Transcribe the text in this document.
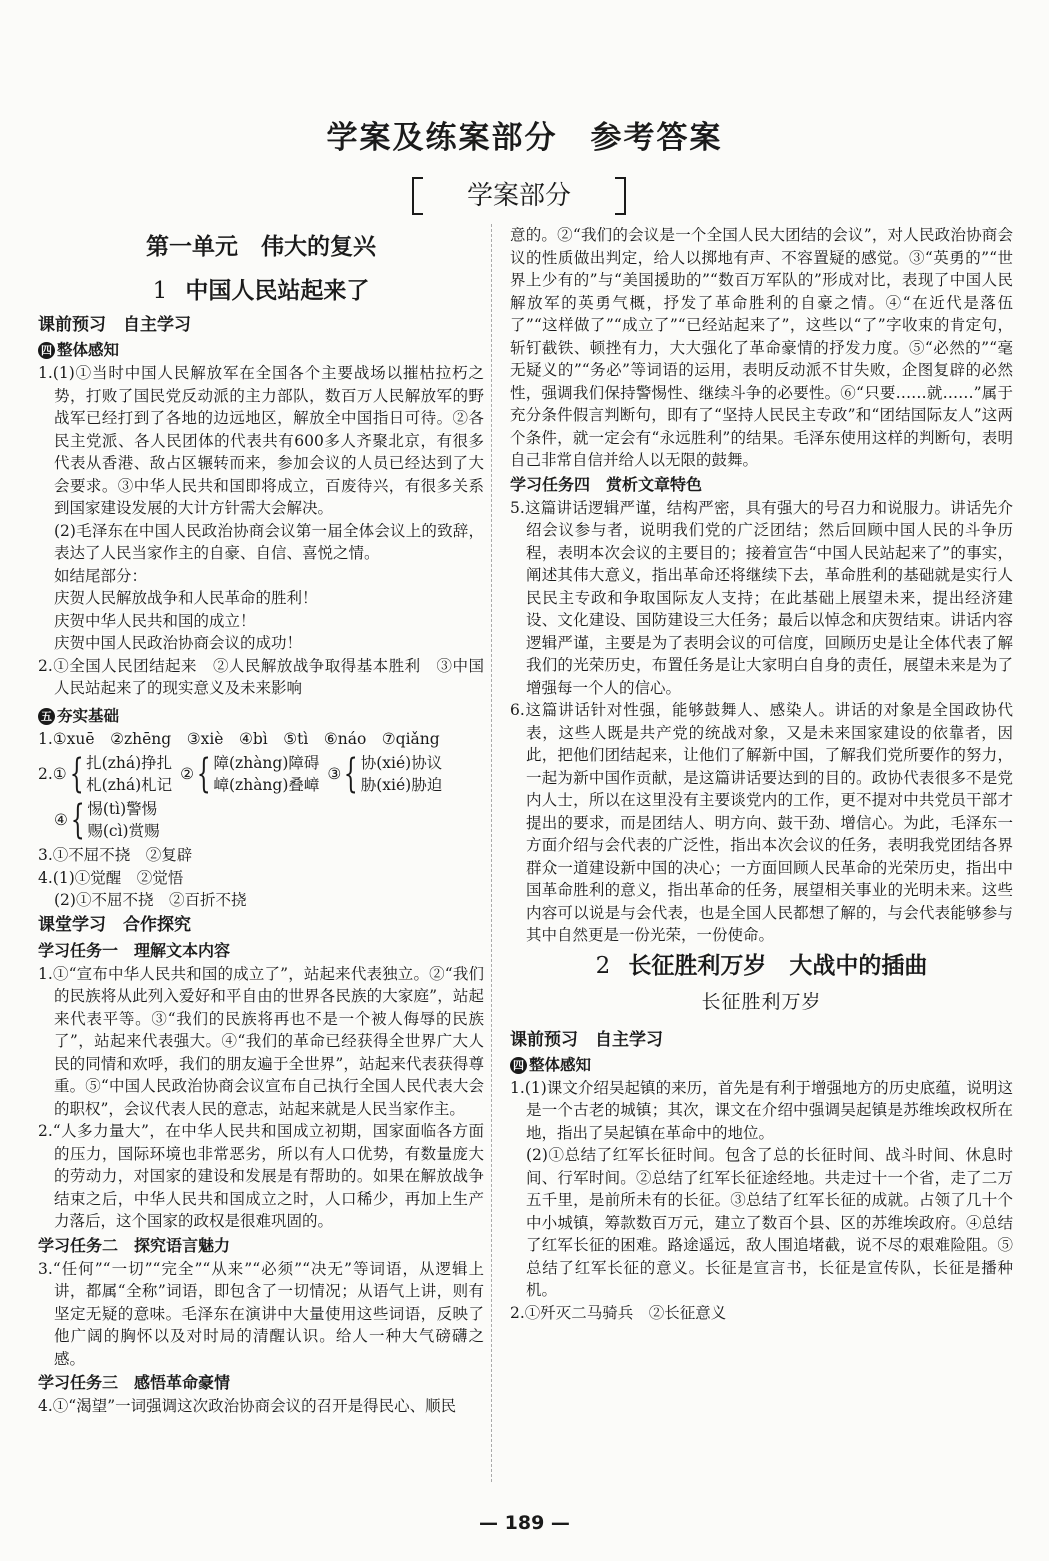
学案及练案部分　参考答案
学案部分
第一单元　伟大的复兴
1 中国人民站起来了
课前预习　自主学习
四 整体感知

1.(1)①当时中国人民解放军在全国各个主要战场以摧枯拉朽之势，打败了国民党反动派的主力部队，数百万人民解放军的野战军已经打到了各地的边远地区，解放全中国指日可待。②各民主党派、各人民团体的代表共有600多人齐聚北京，有很多代表从香港、敌占区辗转而来，参加会议的人员已经达到了大会要求。③中华人民共和国即将成立，百废待兴，有很多关系到国家建设发展的大计方针需大会解决。

(2)毛泽东在中国人民政治协商会议第一届全体会议上的致辞，表达了人民当家作主的自豪、自信、喜悦之情。

如结尾部分：

庆贺人民解放战争和人民革命的胜利！

庆贺中华人民共和国的成立！

庆贺中国人民政治协商会议的成功！

2.①全国人民团结起来　②人民解放战争取得基本胜利　③中国人民站起来了的现实意义及未来影响

五 夯实基础

1.①xuē　②zhēng　③xiè　④bì　⑤tì　⑥náo　⑦qiǎng

2. ① { 扎(zhá)挣扎
札(zhá)札记
② { 障(zhàng)障碍
嶂(zhàng)叠嶂
③ { 协(xié)协议
胁(xié)胁迫
④ { 惕(tì)警惕
赐(cì)赏赐

3.①不屈不挠　②复辟

4.(1)①觉醒　②觉悟

(2)①不屈不挠　②百折不挠

课堂学习　合作探究
学习任务一　理解文本内容

1.①“宣布中华人民共和国的成立了”，站起来代表独立。②“我们的民族将从此列入爱好和平自由的世界各民族的大家庭”，站起来代表平等。③“我们的民族将再也不是一个被人侮辱的民族了”，站起来代表强大。④“我们的革命已经获得全世界广大人民的同情和欢呼，我们的朋友遍于全世界”，站起来代表获得尊重。⑤“中国人民政治协商会议宣布自己执行全国人民代表大会的职权”，会议代表人民的意志，站起来就是人民当家作主。

2.“人多力量大”，在中华人民共和国成立初期，国家面临各方面的压力，国际环境也非常恶劣，所以有人口优势，有数量庞大的劳动力，对国家的建设和发展是有帮助的。如果在解放战争结束之后，中华人民共和国成立之时，人口稀少，再加上生产力落后，这个国家的政权是很难巩固的。

学习任务二　探究语言魅力

3.“任何”“一切”“完全”“从来”“必须”“决无”等词语，从逻辑上讲，都属“全称”词语，即包含了一切情况；从语气上讲，则有坚定无疑的意味。毛泽东在演讲中大量使用这些词语，反映了他广阔的胸怀以及对时局的清醒认识。给人一种大气磅礴之感。

学习任务三　感悟革命豪情

4.①“渴望”一词强调这次政治协商会议的召开是得民心、顺民

意的。②“我们的会议是一个全国人民大团结的会议”，对人民政治协商会议的性质做出判定，给人以掷地有声、不容置疑的感觉。③“英勇的”“世界上少有的”与“美国援助的”“数百万军队的”形成对比，表现了中国人民解放军的英勇气概，抒发了革命胜利的自豪之情。④“在近代是落伍了”“这样做了”“成立了”“已经站起来了”，这些以“了”字收束的肯定句，斩钉截铁、顿挫有力，大大强化了革命豪情的抒发力度。⑤“必然的”“毫无疑义的”“务必”等词语的运用，表明反动派不甘失败，企图复辟的必然性，强调我们保持警惕性、继续斗争的必要性。⑥“只要……就……”属于充分条件假言判断句，即有了“坚持人民民主专政”和“团结国际友人”这两个条件，就一定会有“永远胜利”的结果。毛泽东使用这样的判断句，表明自己非常自信并给人以无限的鼓舞。

学习任务四　赏析文章特色

5.这篇讲话逻辑严谨，结构严密，具有强大的号召力和说服力。讲话先介绍会议参与者，说明我们党的广泛团结；然后回顾中国人民的斗争历程，表明本次会议的主要目的；接着宣告“中国人民站起来了”的事实，阐述其伟大意义，指出革命还将继续下去，革命胜利的基础就是实行人民民主专政和争取国际友人支持；在此基础上展望未来，提出经济建设、文化建设、国防建设三大任务；最后以悼念和庆贺结束。讲话内容逻辑严谨，主要是为了表明会议的可信度，回顾历史是让全体代表了解我们的光荣历史，布置任务是让大家明白自身的责任，展望未来是为了增强每一个人的信心。

6.这篇讲话针对性强，能够鼓舞人、感染人。讲话的对象是全国政协代表，这些人既是共产党的统战对象，又是未来国家建设的依靠者，因此，把他们团结起来，让他们了解新中国，了解我们党所要作的努力，一起为新中国作贡献，是这篇讲话要达到的目的。政协代表很多不是党内人士，所以在这里没有主要谈党内的工作，更不提对中共党员干部才提出的要求，而是团结人、明方向、鼓干劲、增信心。为此，毛泽东一方面介绍与会代表的广泛性，指出本次会议的任务，表明我党团结各界群众一道建设新中国的决心；一方面回顾人民革命的光荣历史，指出中国革命胜利的意义，指出革命的任务，展望相关事业的光明未来。这些内容可以说是与会代表，也是全国人民都想了解的，与会代表能够参与其中自然更是一份光荣，一份使命。

2 长征胜利万岁　大战中的插曲
长征胜利万岁
课前预习　自主学习
四 整体感知

1.(1)课文介绍吴起镇的来历，首先是有利于增强地方的历史底蕴，说明这是一个古老的城镇；其次，课文在介绍中强调吴起镇是苏维埃政权所在地，指出了吴起镇在革命中的地位。

(2)①总结了红军长征时间。包含了总的长征时间、战斗时间、休息时间、行军时间。②总结了红军长征途经地。共走过十一个省，走了二万五千里，是前所未有的长征。③总结了红军长征的成就。占领了几十个中小城镇，筹款数百万元，建立了数百个县、区的苏维埃政府。④总结了红军长征的困难。路途遥远，敌人围追堵截，说不尽的艰难险阻。⑤总结了红军长征的意义。长征是宣言书，长征是宣传队，长征是播种机。

2.①歼灭二马骑兵　②长征意义

— 189 —
